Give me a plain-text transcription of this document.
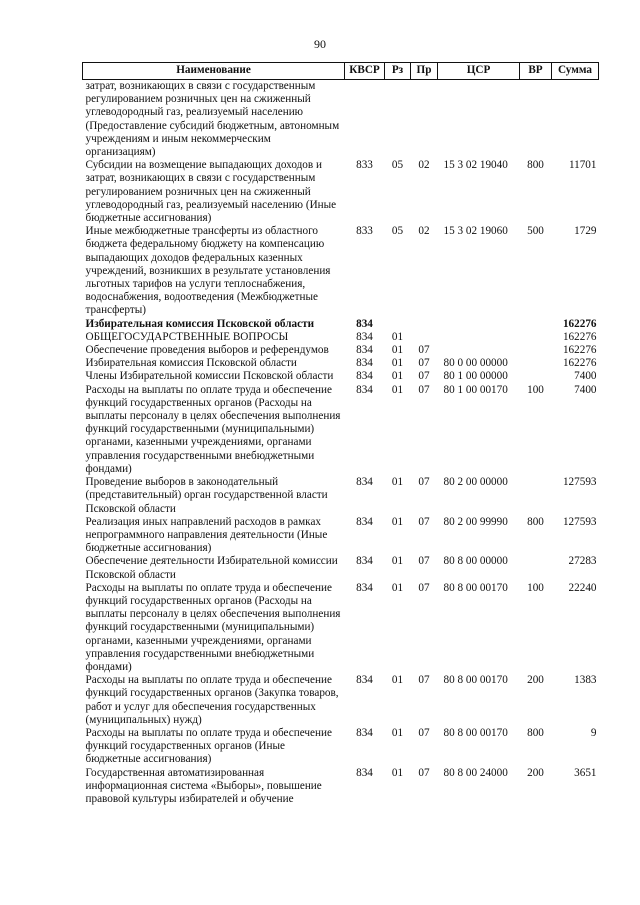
90
Наименование	КВСР	Рз	Пр	ЦСР	ВР	Сумма
затрат, возникающих в связи с государственным регулированием розничных цен на сжиженный углеводородный газ, реализуемый населению (Предоставление субсидий бюджетным, автономным учреждениям и иным некоммерческим организациям)						
Субсидии на возмещение выпадающих доходов и затрат, возникающих в связи с государственным регулированием розничных цен на сжиженный углеводородный газ, реализуемый населению (Иные бюджетные ассигнования)	833	05	02	15 3 02 19040	800	11701
Иные межбюджетные трансферты из областного бюджета федеральному бюджету на компенсацию выпадающих доходов федеральных казенных учреждений, возникших в результате установления льготных тарифов на услуги теплоснабжения, водоснабжения, водоотведения (Межбюджетные трансферты)	833	05	02	15 3 02 19060	500	1729
Избирательная комиссия Псковской области	834					162276
ОБЩЕГОСУДАРСТВЕННЫЕ ВОПРОСЫ	834	01				162276
Обеспечение проведения выборов и референдумов	834	01	07			162276
Избирательная комиссия Псковской области	834	01	07	80 0 00 00000		162276
Члены Избирательной комиссии Псковской области	834	01	07	80 1 00 00000		7400
Расходы на выплаты по оплате труда и обеспечение функций государственных органов (Расходы на выплаты персоналу в целях обеспечения выполнения функций государственными (муниципальными) органами, казенными учреждениями, органами управления государственными внебюджетными фондами)	834	01	07	80 1 00 00170	100	7400
Проведение выборов в законодательный (представительный) орган государственной власти Псковской области	834	01	07	80 2 00 00000		127593
Реализация иных направлений расходов в рамках непрограммного направления деятельности (Иные бюджетные ассигнования)	834	01	07	80 2 00 99990	800	127593
Обеспечение деятельности Избирательной комиссии Псковской области	834	01	07	80 8 00 00000		27283
Расходы на выплаты по оплате труда и обеспечение функций государственных органов (Расходы на выплаты персоналу в целях обеспечения выполнения функций государственными (муниципальными) органами, казенными учреждениями, органами управления государственными внебюджетными фондами)	834	01	07	80 8 00 00170	100	22240
Расходы на выплаты по оплате труда и обеспечение функций государственных органов (Закупка товаров, работ и услуг для обеспечения государственных (муниципальных) нужд)	834	01	07	80 8 00 00170	200	1383
Расходы на выплаты по оплате труда и обеспечение функций государственных органов (Иные бюджетные ассигнования)	834	01	07	80 8 00 00170	800	9
Государственная автоматизированная информационная система «Выборы», повышение правовой культуры избирателей и обучение	834	01	07	80 8 00 24000	200	3651
